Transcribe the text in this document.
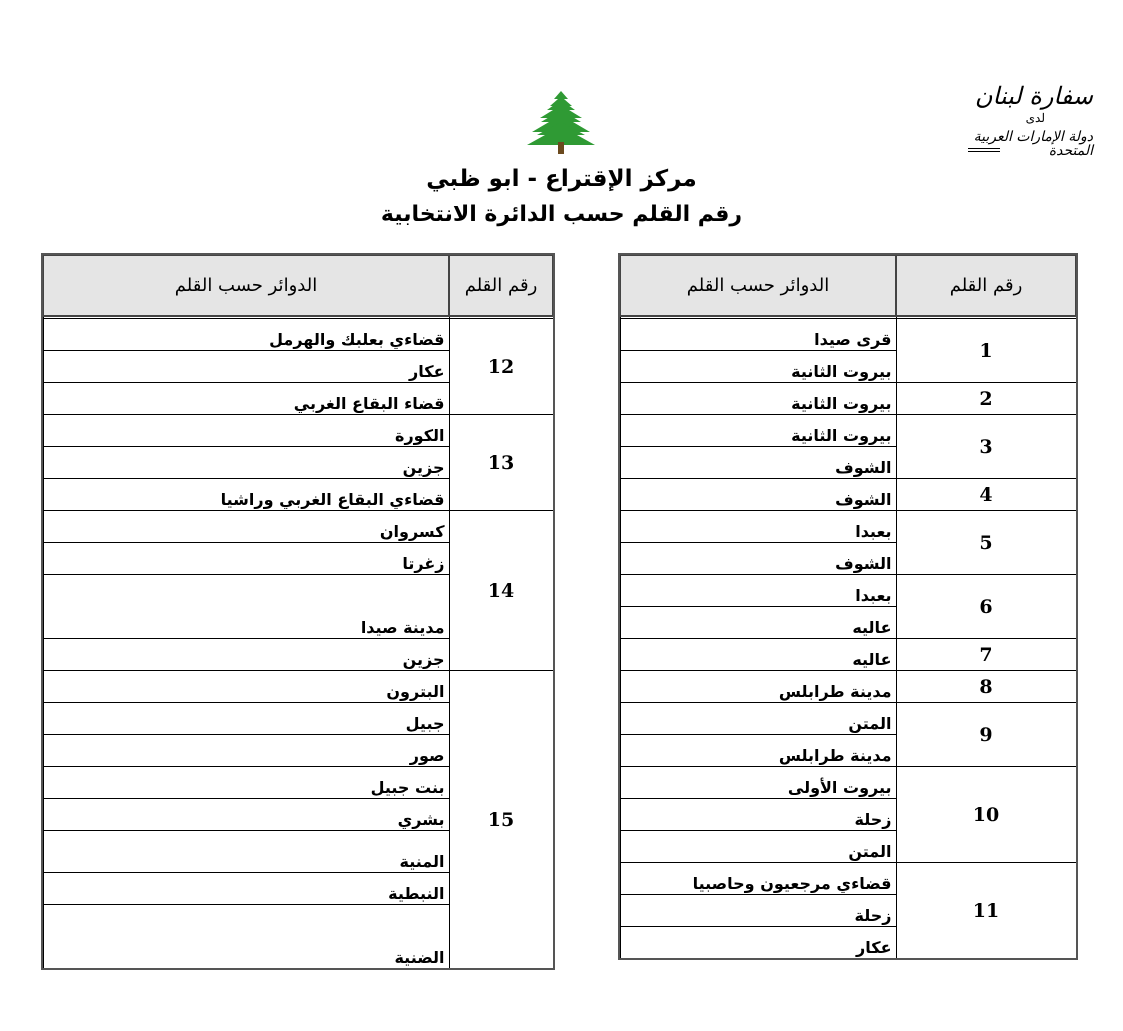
سفارة لبنان
لدى
دولة الإمارات العربية المتحدة
مركز الإقتراع - ابو ظبي
رقم القلم حسب الدائرة الانتخابية
رقم القلم	الدوائر حسب القلم

1	قرى صيدا
	بيروت الثانية
2	بيروت الثانية
3	بيروت الثانية
	الشوف
4	الشوف
5	بعبدا
	الشوف
6	بعبدا
	عاليه
7	عاليه
8	مدينة طرابلس
9	المتن
	مدينة طرابلس
10	بيروت الأولى
	زحلة
	المتن
11	قضاءي مرجعيون وحاصبيا
	زحلة
	عكار
رقم القلم	الدوائر حسب القلم

12	قضاءي بعلبك والهرمل
	عكار
	قضاء البقاع الغربي
13	الكورة
	جزين
	قضاءي البقاع الغربي وراشيا
14	كسروان
	زغرتا
	مدينة صيدا
	جزين
15	البترون
	جبيل
	صور
	بنت جبيل
	بشري
	المنية
	النبطية
	الضنية
